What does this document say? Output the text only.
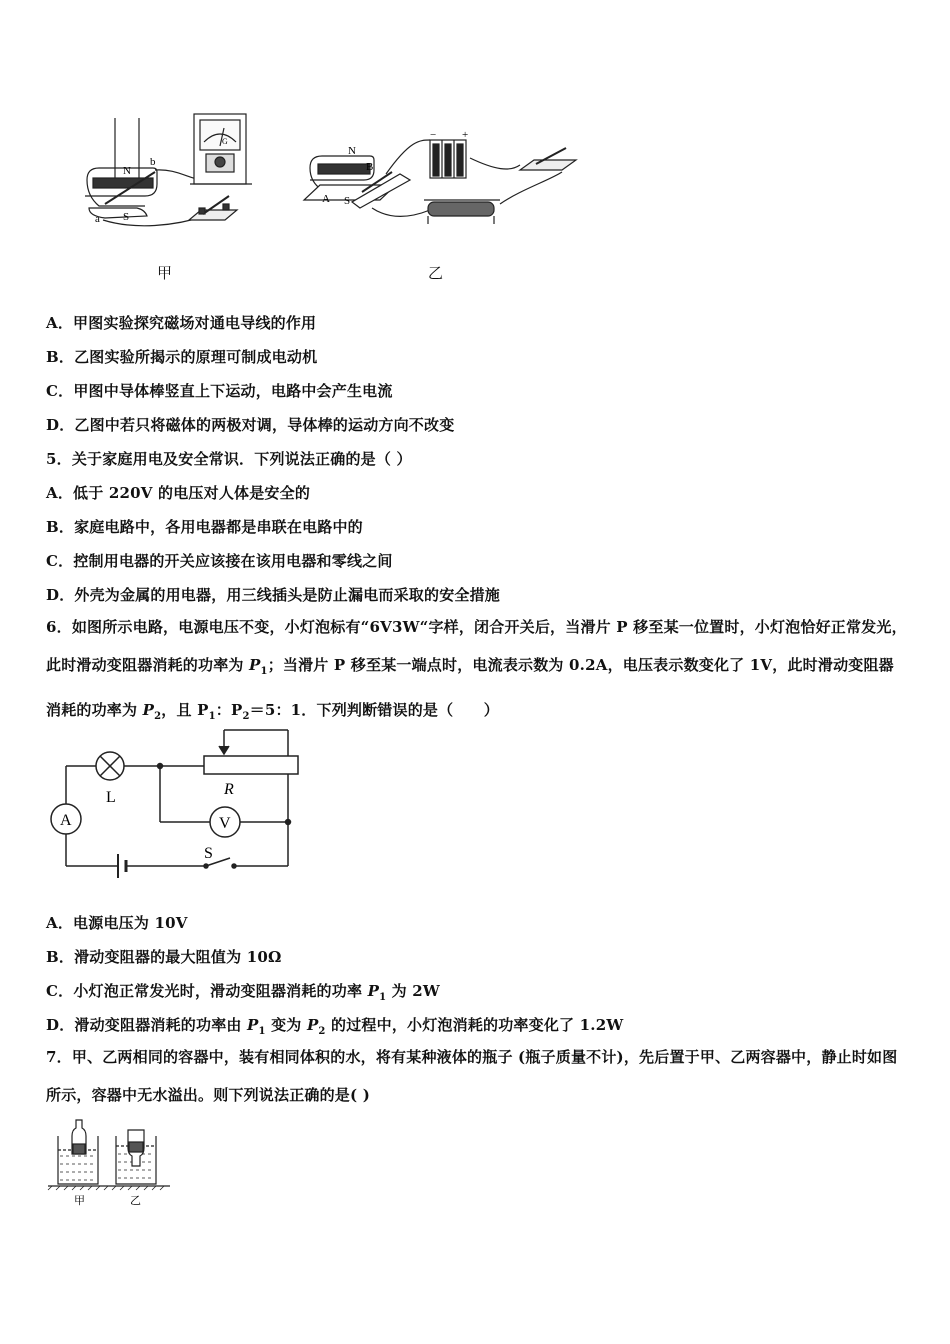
N
S
a
b
G
N
S
A
B
− +
甲	乙
A．甲图实验探究磁场对通电导线的作用
B．乙图实验所揭示的原理可制成电动机
C．甲图中导体棒竖直上下运动，电路中会产生电流
D．乙图中若只将磁体的两极对调，导体棒的运动方向不改变
5．关于家庭用电及安全常识．下列说法正确的是（ ）
A．低于 220V 的电压对人体是安全的
B．家庭电路中，各用电器都是串联在电路中的
C．控制用电器的开关应该接在该用电器和零线之间
D．外壳为金属的用电器，用三线插头是防止漏电而采取的安全措施
6．如图所示电路，电源电压不变，小灯泡标有“6V3W“字样，闭合开关后，当滑片 P 移至某一位置时，小灯泡恰好正常发光，此时滑动变阻器消耗的功率为 $P_1$；当滑片 P 移至某一端点时，电流表示数为 0.2A，电压表示数变化了 1V，此时滑动变阻器消耗的功率为 $P_2$，且 $P_1$：$P_2=5$：1．下列判断错误的是（　　）
L	R
A	V
S
A．电源电压为 10V
B．滑动变阻器的最大阻值为 10Ω
C．小灯泡正常发光时，滑动变阻器消耗的功率 $P_1$ 为 2W
D．滑动变阻器消耗的功率由 $P_1$ 变为 $P_2$ 的过程中，小灯泡消耗的功率变化了 1.2W
7．甲、乙两相同的容器中，装有相同体积的水，将有某种液体的瓶子 (瓶子质量不计)，先后置于甲、乙两容器中，静止时如图所示，容器中无水溢出。则下列说法正确的是( )
甲	乙
